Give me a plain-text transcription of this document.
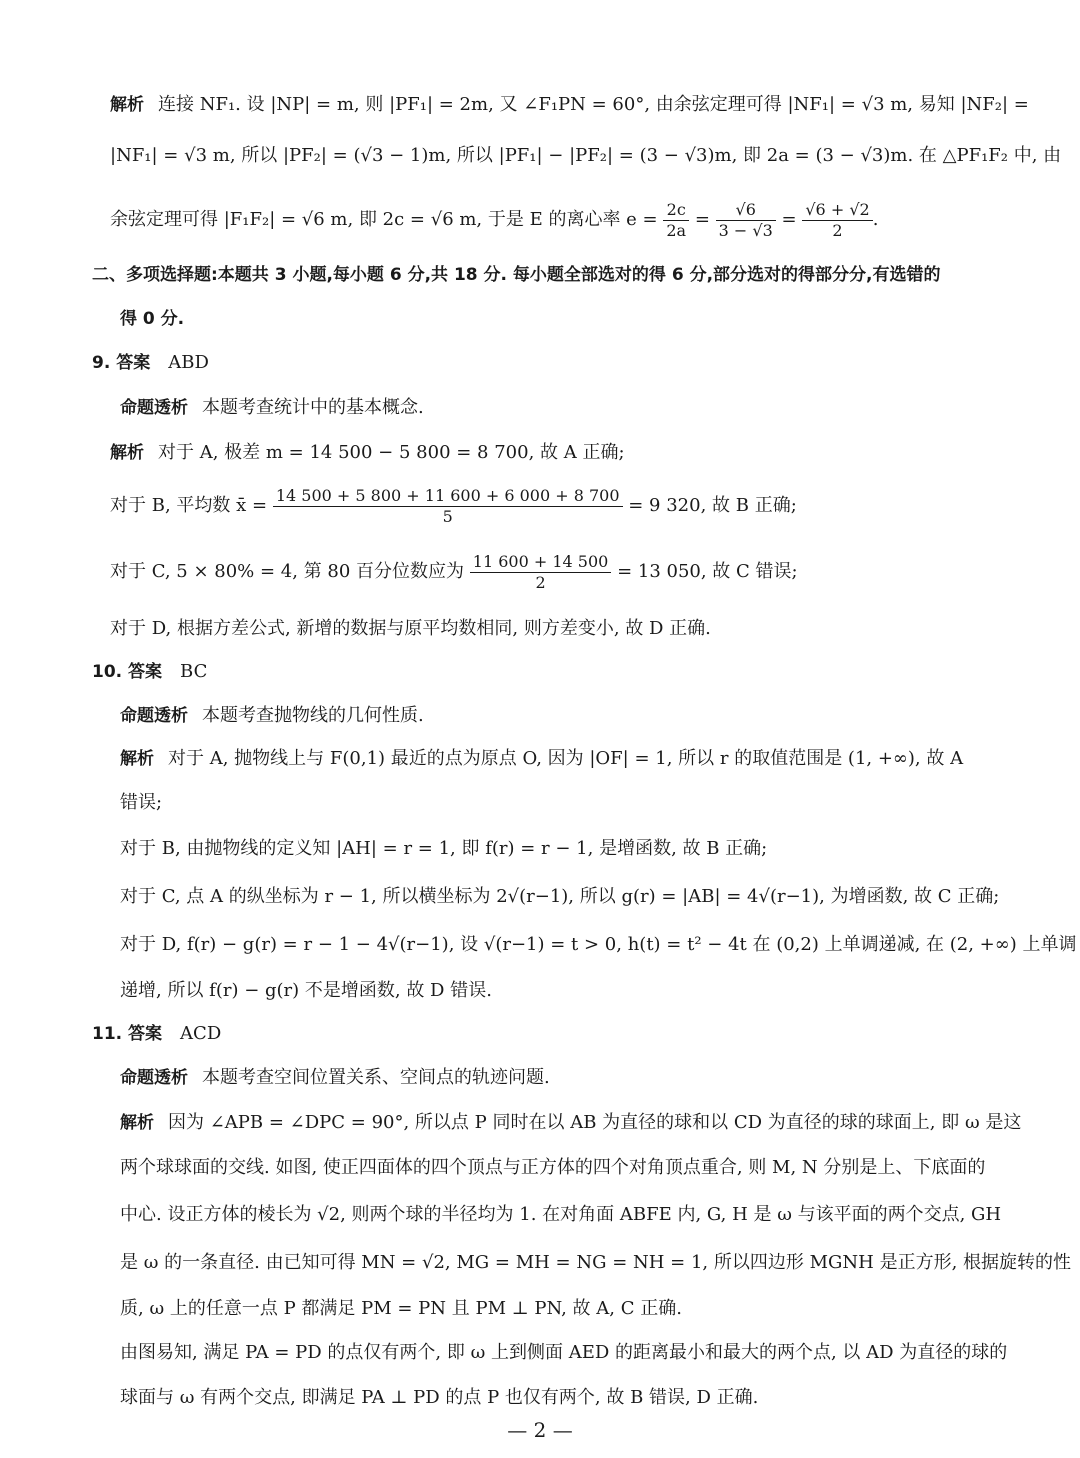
解析 连接 NF₁. 设 |NP| = m, 则 |PF₁| = 2m, 又 ∠F₁PN = 60°, 由余弦定理可得 |NF₁| = √3 m, 易知 |NF₂| =
|NF₁| = √3 m, 所以 |PF₂| = (√3 − 1)m, 所以 |PF₁| − |PF₂| = (3 − √3)m, 即 2a = (3 − √3)m. 在 △PF₁F₂ 中, 由
余弦定理可得 |F₁F₂| = √6 m, 即 2c = √6 m, 于是 E 的离心率 $e = \frac{2c}{2a} = \frac{√6}{3 - √3} = \frac{√6 + √2}{2}$ .
二、多项选择题:本题共 3 小题,每小题 6 分,共 18 分. 每小题全部选对的得 6 分,部分选对的得部分分,有选错的
得 0 分.
9. 答案 ABD
命题透析 本题考查统计中的基本概念.
解析 对于 A, 极差 m = 14 500 − 5 800 = 8 700, 故 A 正确;
对于 B, 平均数 x̄ = $\frac{14 500 + 5 800 + 11 600 + 6 000 + 8 700}{5} = 9$ 320, 故 B 正确;
对于 C, 5 × 80% = 4, 第 80 百分位数应为 $\frac{11 600 + 14 500}{2} = 13$ 050, 故 C 错误;
对于 D, 根据方差公式, 新增的数据与原平均数相同, 则方差变小, 故 D 正确.
10. 答案 BC
命题透析 本题考查抛物线的几何性质.
解析 对于 A, 抛物线上与 F(0,1) 最近的点为原点 O, 因为 |OF| = 1, 所以 r 的取值范围是 (1, +∞), 故 A
错误;
对于 B, 由抛物线的定义知 |AH| = r = 1, 即 f(r) = r − 1, 是增函数, 故 B 正确;
对于 C, 点 A 的纵坐标为 r − 1, 所以横坐标为 2√(r−1), 所以 g(r) = |AB| = 4√(r−1), 为增函数, 故 C 正确;
对于 D, f(r) − g(r) = r − 1 − 4√(r−1), 设 √(r−1) = t > 0, h(t) = t² − 4t 在 (0,2) 上单调递减, 在 (2, +∞) 上单调
递增, 所以 f(r) − g(r) 不是增函数, 故 D 错误.
11. 答案 ACD
命题透析 本题考查空间位置关系、空间点的轨迹问题.
解析 因为 ∠APB = ∠DPC = 90°, 所以点 P 同时在以 AB 为直径的球和以 CD 为直径的球的球面上, 即 ω 是这
两个球球面的交线. 如图, 使正四面体的四个顶点与正方体的四个对角顶点重合, 则 M, N 分别是上、下底面的
中心. 设正方体的棱长为 √2, 则两个球的半径均为 1. 在对角面 ABFE 内, G, H 是 ω 与该平面的两个交点, GH
是 ω 的一条直径. 由已知可得 MN = √2, MG = MH = NG = NH = 1, 所以四边形 MGNH 是正方形, 根据旋转的性
质, ω 上的任意一点 P 都满足 PM = PN 且 PM ⊥ PN, 故 A, C 正确.
由图易知, 满足 PA = PD 的点仅有两个, 即 ω 上到侧面 AED 的距离最小和最大的两个点, 以 AD 为直径的球的
球面与 ω 有两个交点, 即满足 PA ⊥ PD 的点 P 也仅有两个, 故 B 错误, D 正确.
— 2 —
